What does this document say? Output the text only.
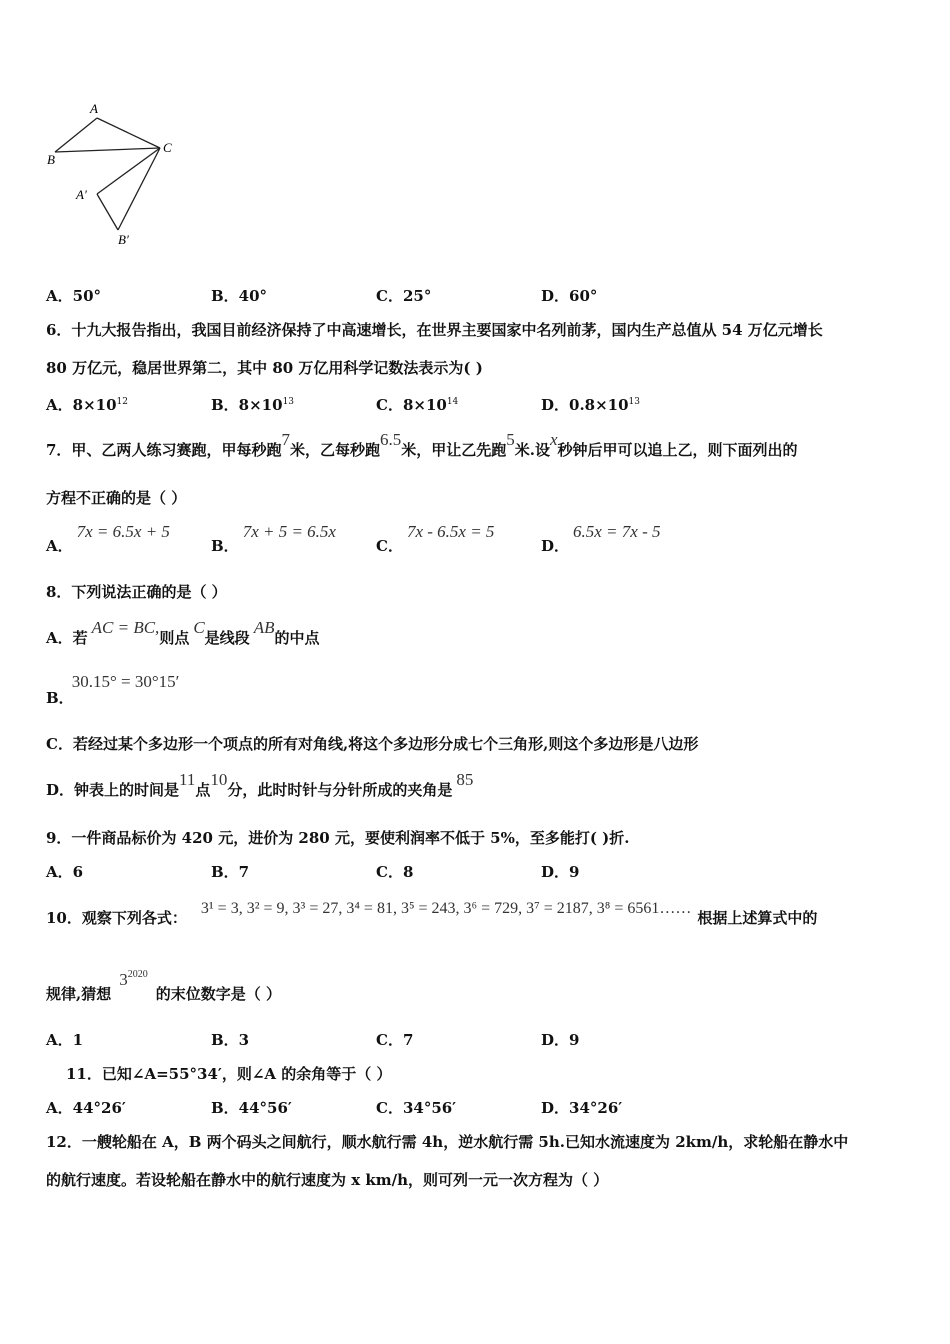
A
B
C
A′
B′
A．50°	B．40°	C．25°	D．60°
6．十九大报告指出，我国目前经济保持了中高速增长，在世界主要国家中名列前茅，国内生产总值从 54 万亿元增长
80 万亿元，稳居世界第二，其中 80 万亿用科学记数法表示为( )
A．$8\times 10^{12}$	B．$8\times 10^{13}$	C．$8\times 10^{14}$	D．$0.8\times 10^{13}$
7．甲、乙两人练习赛跑，甲每秒跑7米，乙每秒跑6.5米，甲让乙先跑5米.设x秒钟后甲可以追上乙，则下面列出的
方程不正确的是（ ）
A．7x = 6.5x + 5
B．7x + 5 = 6.5x
C．7x - 6.5x = 5
D．6.5x = 7x - 5
8．下列说法正确的是（ ）
A．若AC = BC,则点C是线段AB的中点
B．30.15° = 30°15′
C．若经过某个多边形一个项点的所有对角线,将这个多边形分成七个三角形,则这个多边形是八边形
D．钟表上的时间是11点10分，此时时针与分针所成的夹角是85
9．一件商品标价为 420 元，进价为 280 元，要使利润率不低于 5%，至多能打( )折.
A．6	B．7	C．8	D．9
10．观察下列各式：3¹ = 3, 3² = 9, 3³ = 27, 3⁴ = 81, 3⁵ = 243, 3⁶ = 729, 3⁷ = 2187, 3⁸ = 6561……根据上述算式中的
规律,猜想$3^{2020}$的末位数字是（ ）
A．1	B．3	C．7	D．9
11．已知∠A=55°34′，则∠A 的余角等于（ ）
A．44°26′	B．44°56′	C．34°56′	D．34°26′
12．一艘轮船在 A，B 两个码头之间航行，顺水航行需 4h，逆水航行需 5h.已知水流速度为 2km/h，求轮船在静水中
的航行速度。若设轮船在静水中的航行速度为 x km/h，则可列一元一次方程为（ ）
